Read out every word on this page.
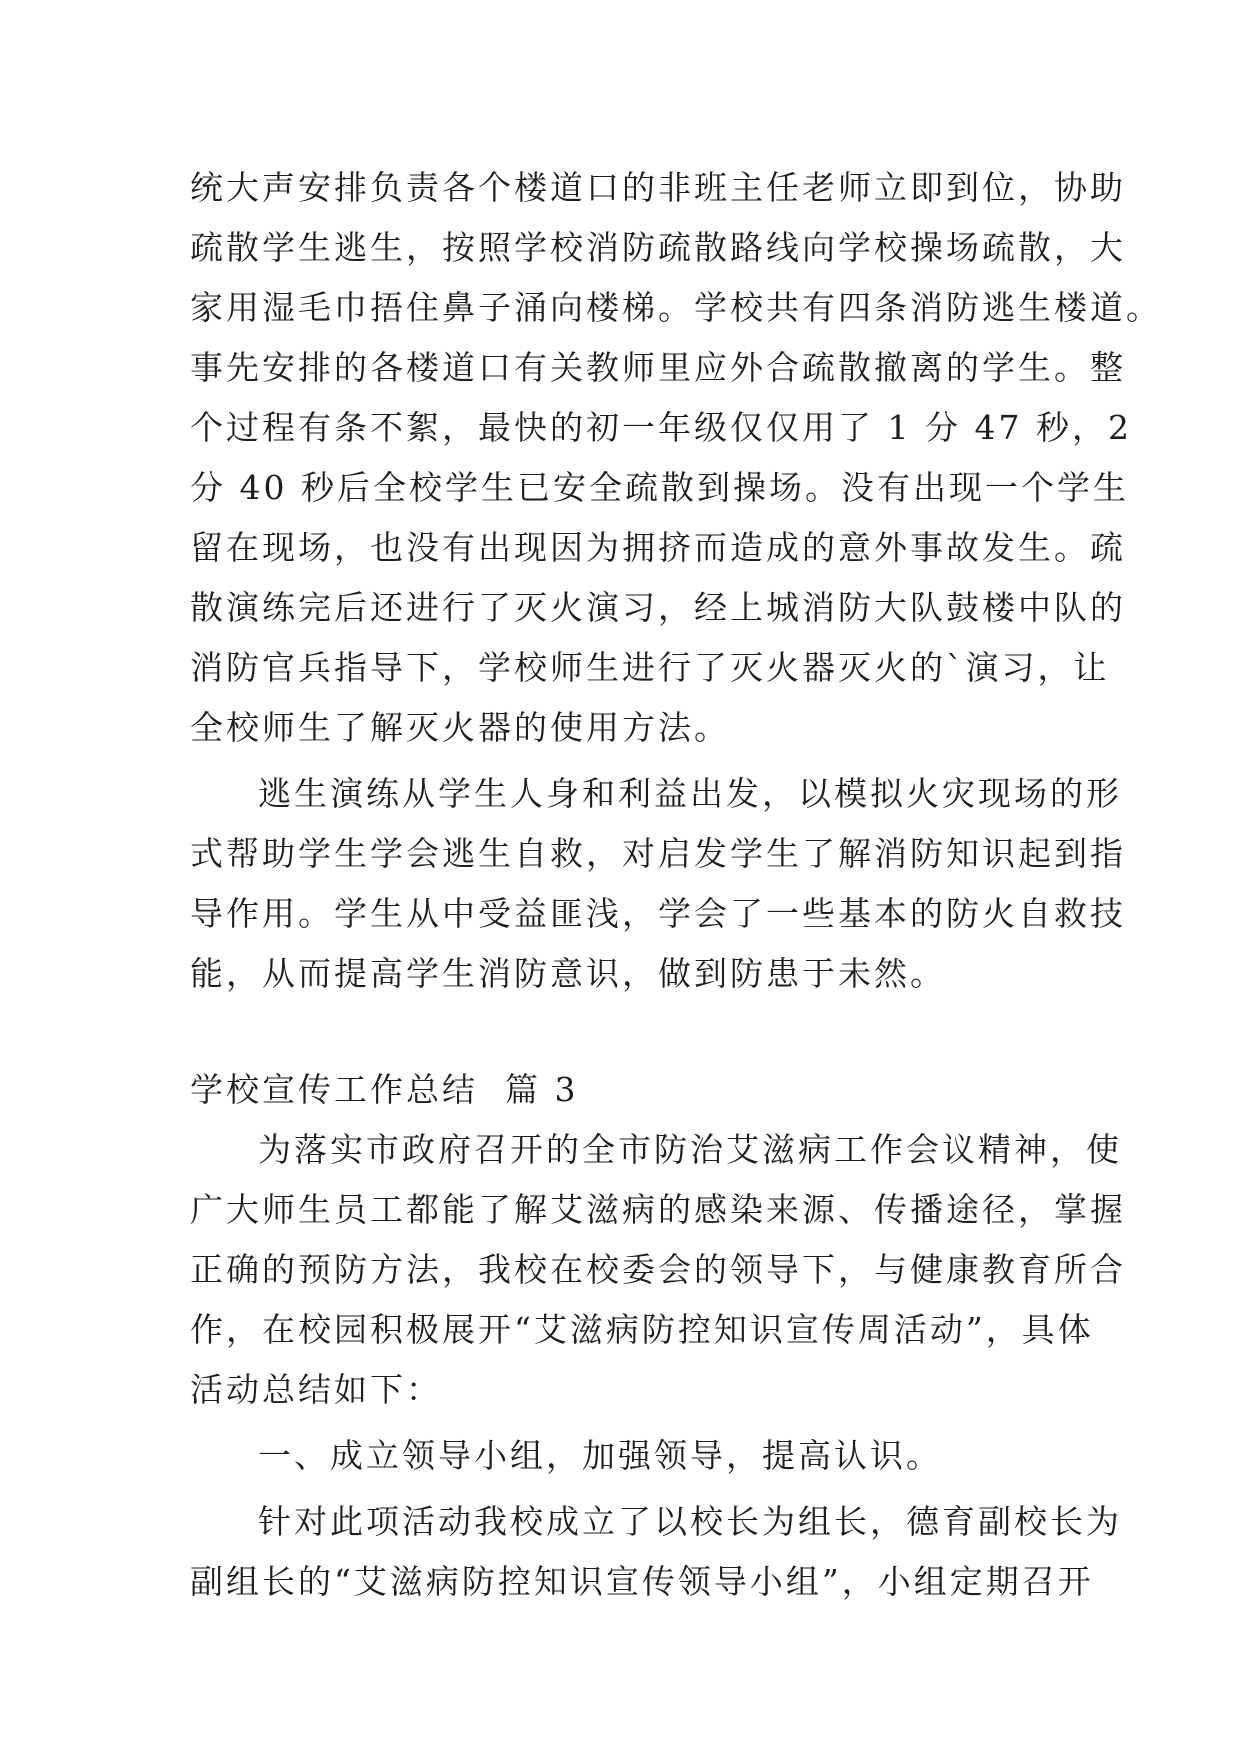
统大声安排负责各个楼道口的非班主任老师立即到位，协助
疏散学生逃生，按照学校消防疏散路线向学校操场疏散，大
家用湿毛巾捂住鼻子涌向楼梯。学校共有四条消防逃生楼道。
事先安排的各楼道口有关教师里应外合疏散撤离的学生。整
个过程有条不絮，最快的初一年级仅仅用了 1 分 47 秒，2
分 40 秒后全校学生已安全疏散到操场。没有出现一个学生
留在现场，也没有出现因为拥挤而造成的意外事故发生。疏
散演练完后还进行了灭火演习，经上城消防大队鼓楼中队的
消防官兵指导下，学校师生进行了灭火器灭火的`演习，让
全校师生了解灭火器的使用方法。
逃生演练从学生人身和利益出发，以模拟火灾现场的形
式帮助学生学会逃生自救，对启发学生了解消防知识起到指
导作用。学生从中受益匪浅，学会了一些基本的防火自救技
能，从而提高学生消防意识，做到防患于未然。
学校宣传工作总结  篇 3
为落实市政府召开的全市防治艾滋病工作会议精神，使
广大师生员工都能了解艾滋病的感染来源、传播途径，掌握
正确的预防方法，我校在校委会的领导下，与健康教育所合
作，在校园积极展开“艾滋病防控知识宣传周活动”，具体
活动总结如下：
一、成立领导小组，加强领导，提高认识。
针对此项活动我校成立了以校长为组长，德育副校长为
副组长的“艾滋病防控知识宣传领导小组”，小组定期召开
